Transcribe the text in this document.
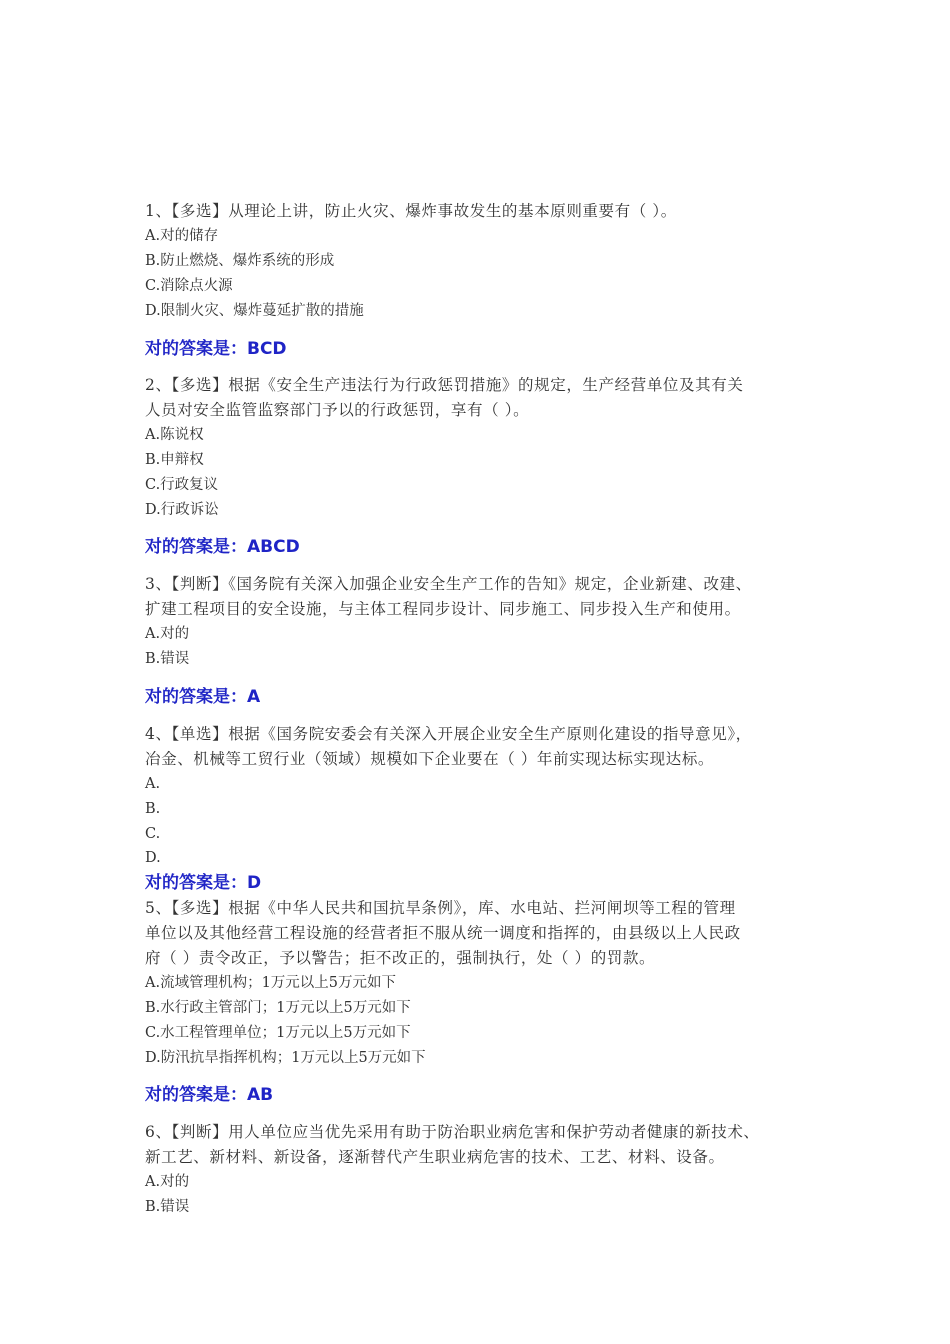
1、【多选】从理论上讲，防止火灾、爆炸事故发生的基本原则重要有（ ）。
A.对的储存
B.防止燃烧、爆炸系统的形成
C.消除点火源
D.限制火灾、爆炸蔓延扩散的措施
对的答案是：BCD
2、【多选】根据《安全生产违法行为行政惩罚措施》的规定，生产经营单位及其有关
人员对安全监管监察部门予以的行政惩罚，享有（ ）。
A.陈说权
B.申辩权
C.行政复议
D.行政诉讼
对的答案是：ABCD
3、【判断】《国务院有关深入加强企业安全生产工作的告知》规定，企业新建、改建、
扩建工程项目的安全设施，与主体工程同步设计、同步施工、同步投入生产和使用。
A.对的
B.错误
对的答案是：A
4、【单选】根据《国务院安委会有关深入开展企业安全生产原则化建设的指导意见》，
冶金、机械等工贸行业（领域）规模如下企业要在（ ）年前实现达标实现达标。
A.
B.
C.
D.
对的答案是：D
5、【多选】根据《中华人民共和国抗旱条例》，库、水电站、拦河闸坝等工程的管理
单位以及其他经营工程设施的经营者拒不服从统一调度和指挥的，由县级以上人民政
府（ ）责令改正，予以警告；拒不改正的，强制执行，处（ ）的罚款。
A.流域管理机构；1万元以上5万元如下
B.水行政主管部门；1万元以上5万元如下
C.水工程管理单位；1万元以上5万元如下
D.防汛抗旱指挥机构；1万元以上5万元如下
对的答案是：AB
6、【判断】用人单位应当优先采用有助于防治职业病危害和保护劳动者健康的新技术、
新工艺、新材料、新设备，逐渐替代产生职业病危害的技术、工艺、材料、设备。
A.对的
B.错误
